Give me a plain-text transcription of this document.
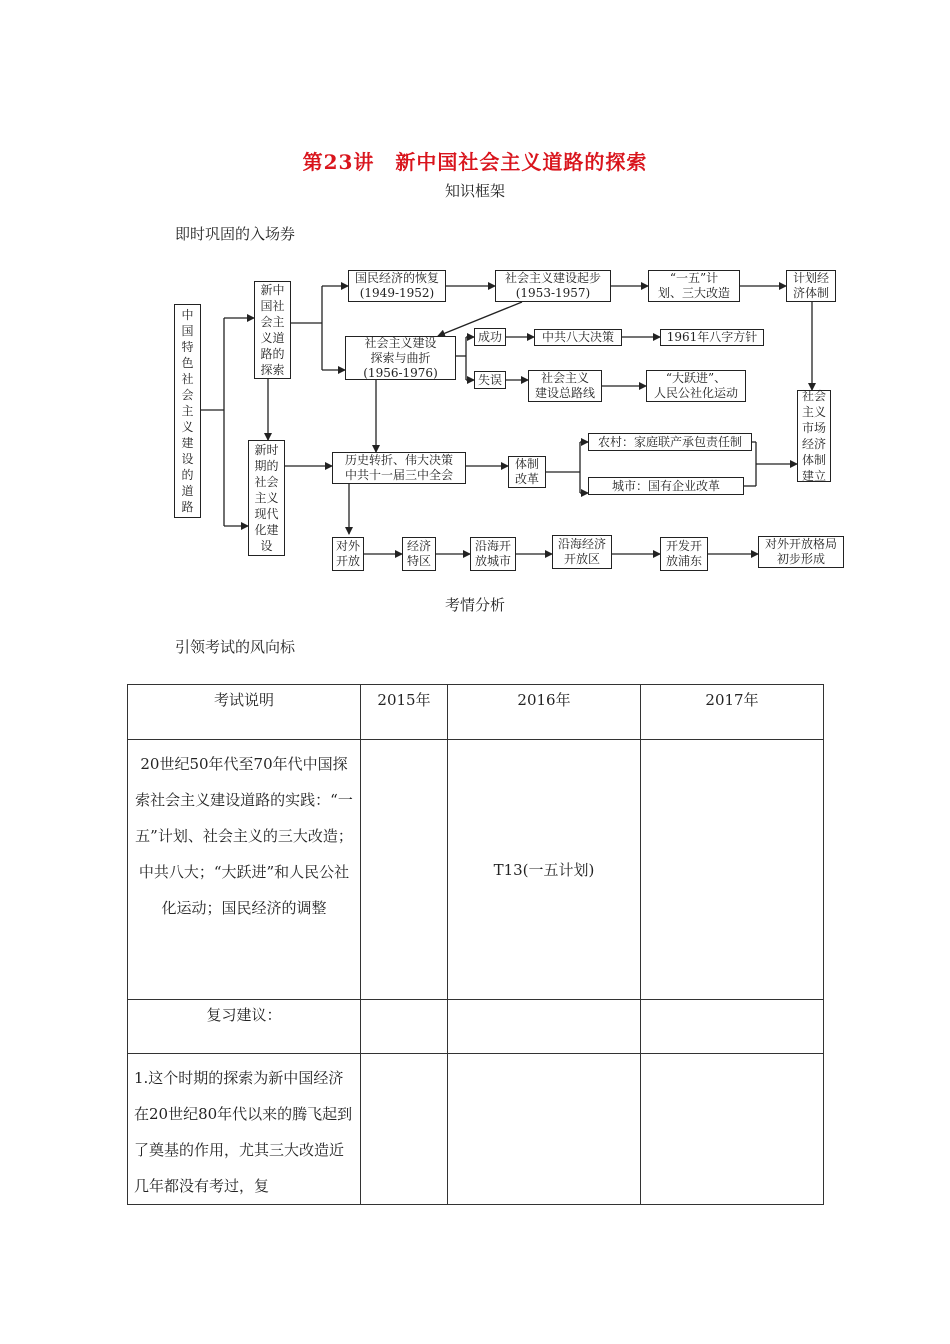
第23讲　新中国社会主义道路的探索
知识框架
即时巩固的入场券
中
国
特
色
社
会
主
义
建
设
的
道
路
新中
国社
会主
义道
路的
探索
新时
期的
社会
主义
现代
化建
设
国民经济的恢复
(1949-1952)
社会主义建设起步
(1953-1957)
“一五”计
划、三大改造
计划经
济体制
社会主义建设
探索与曲折
(1956-1976)
成功	中共八大决策	1961年八字方针
失误	社会主义
建设总路线
“大跃进”、
人民公社化运动	社会
主义
市场
经济
体制
建立
历史转折、伟大决策
中共十一届三中全会
体制
改革
农村：家庭联产承包责任制
城市：国有企业改革
对外
开放
经济
特区
沿海开
放城市
沿海经济
开放区
开发开
放浦东
对外开放格局
初步形成
考情分析
引领考试的风向标
考试说明	2015年	2016年	2017年
20世纪50年代至70年代中国探索社会主义建设道路的实践：“一五”计划、社会主义的三大改造；中共八大；“大跃进”和人民公社化运动；国民经济的调整		T13(一五计划)	
复习建议：			
1.这个时期的探索为新中国经济在20世纪80年代以来的腾飞起到了奠基的作用，尤其三大改造近几年都没有考过，复			
